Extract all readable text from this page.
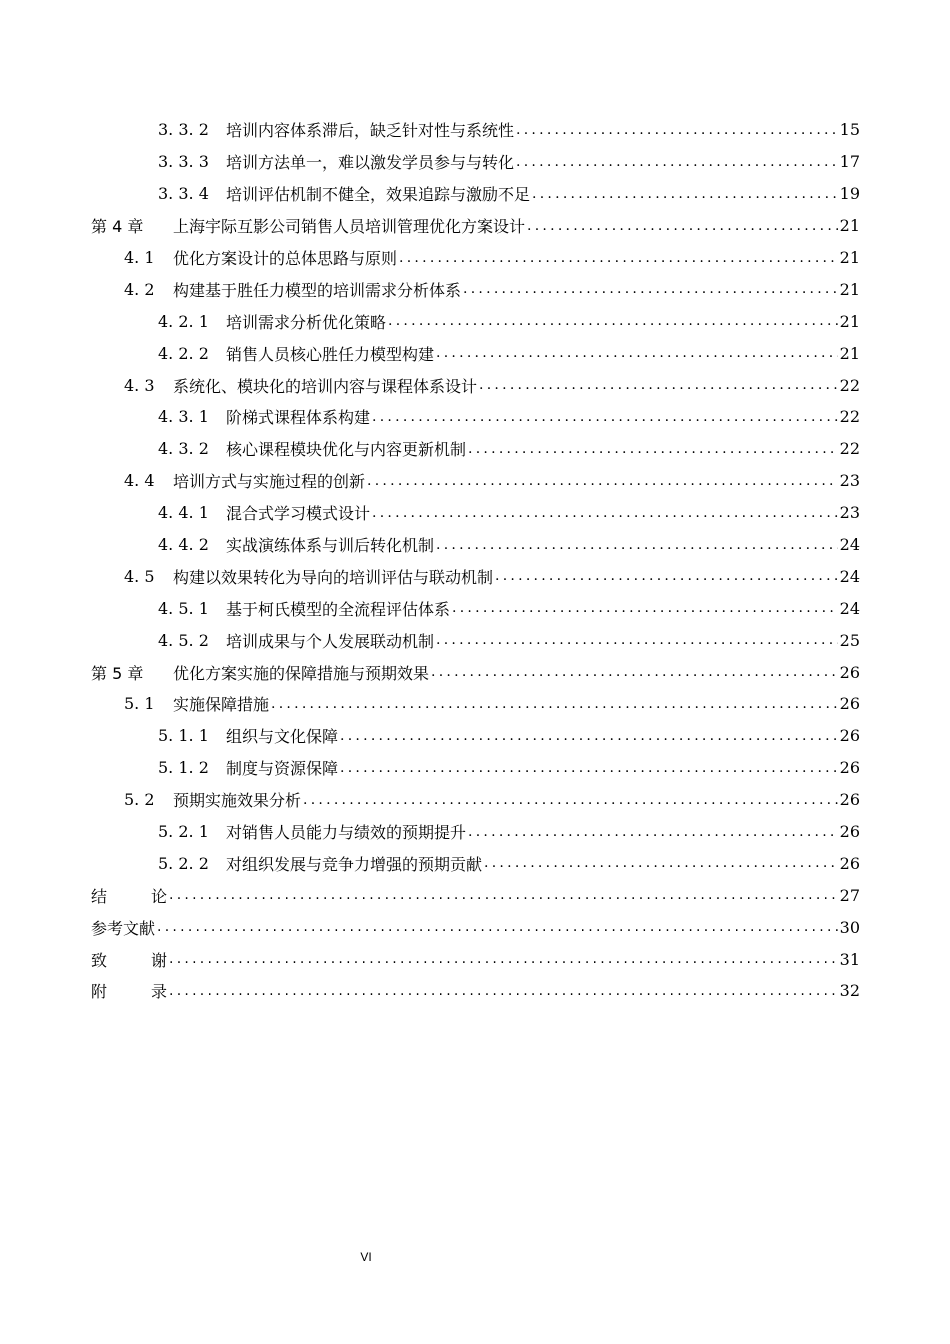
3. 3. 2	培训内容体系滞后，缺乏针对性与系统性 . . .	15
3. 3. 3	培训方法单一，难以激发学员参与与转化 . . .	17
3. 3. 4	培训评估机制不健全，效果追踪与激励不足 . . .	19
第 4 章	上海宇际互影公司销售人员培训管理优化方案设计 . . .	21
4. 1	优化方案设计的总体思路与原则 . . .	21
4. 2	构建基于胜任力模型的培训需求分析体系 . . .	21
4. 2. 1	培训需求分析优化策略 . . .	21
4. 2. 2	销售人员核心胜任力模型构建 . . .	21
4. 3	系统化、模块化的培训内容与课程体系设计 . . .	22
4. 3. 1	阶梯式课程体系构建 . . .	22
4. 3. 2	核心课程模块优化与内容更新机制 . . .	22
4. 4	培训方式与实施过程的创新 . . .	23
4. 4. 1	混合式学习模式设计 . . .	23
4. 4. 2	实战演练体系与训后转化机制 . . .	24
4. 5	构建以效果转化为导向的培训评估与联动机制 . . .	24
4. 5. 1	基于柯氏模型的全流程评估体系 . . .	24
4. 5. 2	培训成果与个人发展联动机制 . . .	25
第 5 章	优化方案实施的保障措施与预期效果 . . .	26
5. 1	实施保障措施 . . .	26
5. 1. 1	组织与文化保障 . . .	26
5. 1. 2	制度与资源保障 . . .	26
5. 2	预期实施效果分析 . . .	26
5. 2. 1	对销售人员能力与绩效的预期提升 . . .	26
5. 2. 2	对组织发展与竞争力增强的预期贡献 . . .	26
结	论 . . .	27
参考文献 . . .	30
致	谢 . . .	31
附	录 . . .	32
VI
